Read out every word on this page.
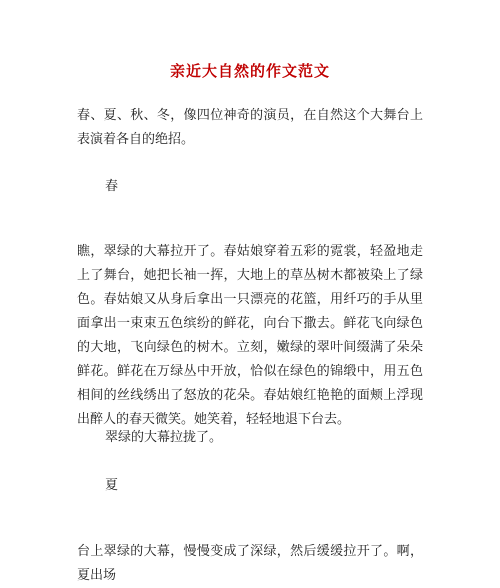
亲近大自然的作文范文
春、夏、秋、冬，像四位神奇的演员，在自然这个大舞台上表演着各自的绝招。
春
瞧，翠绿的大幕拉开了。春姑娘穿着五彩的霓裳，轻盈地走上了舞台，她把长袖一挥，大地上的草丛树木都被染上了绿色。春姑娘又从身后拿出一只漂亮的花篮，用纤巧的手从里面拿出一束束五色缤纷的鲜花，向台下撒去。鲜花飞向绿色的大地，飞向绿色的树木。立刻，嫩绿的翠叶间缀满了朵朵鲜花。鲜花在万绿丛中开放，恰似在绿色的锦缎中，用五色相间的丝线绣出了怒放的花朵。春姑娘红艳艳的面颊上浮现出醉人的春天微笑。她笑着，轻轻地退下台去。
翠绿的大幕拉拢了。
夏
台上翠绿的大幕，慢慢变成了深绿，然后缓缓拉开了。啊，夏出场
